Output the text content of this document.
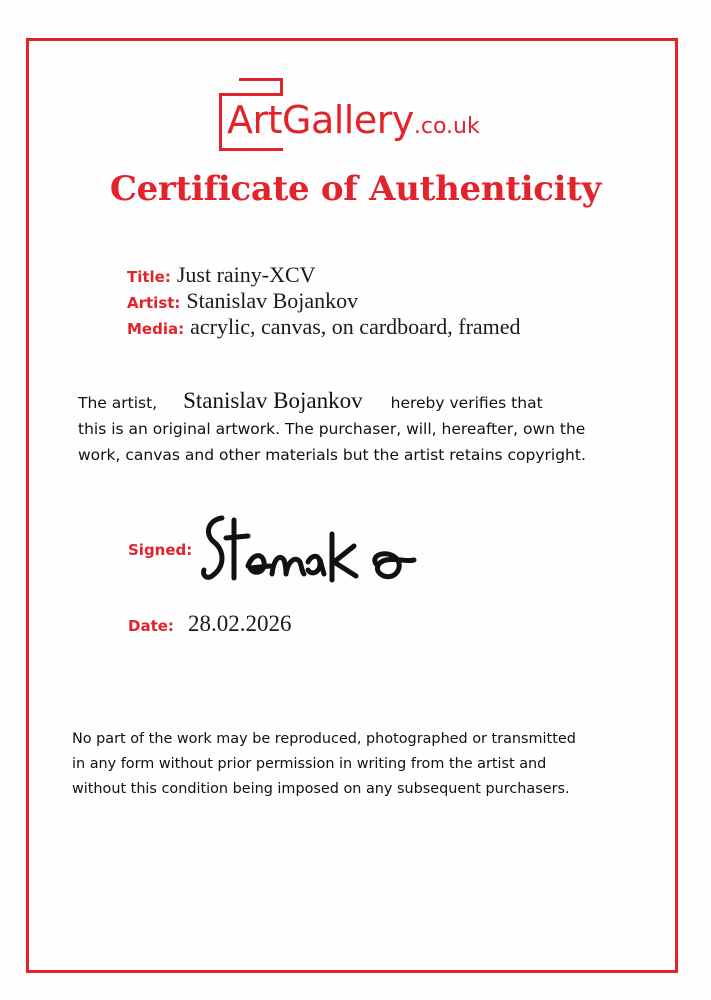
ArtGallery.co.uk
Certificate of Authenticity
Title: Just rainy-XCV
Artist: Stanislav Bojankov
Media: acrylic, canvas, on cardboard, framed
The artist, Stanislav Bojankov hereby verifies that
this is an original artwork. The purchaser, will, hereafter, own the
work, canvas and other materials but the artist retains copyright.
Signed:
Date: 28.02.2026
No part of the work may be reproduced, photographed or transmitted
in any form without prior permission in writing from the artist and
without this condition being imposed on any subsequent purchasers.
